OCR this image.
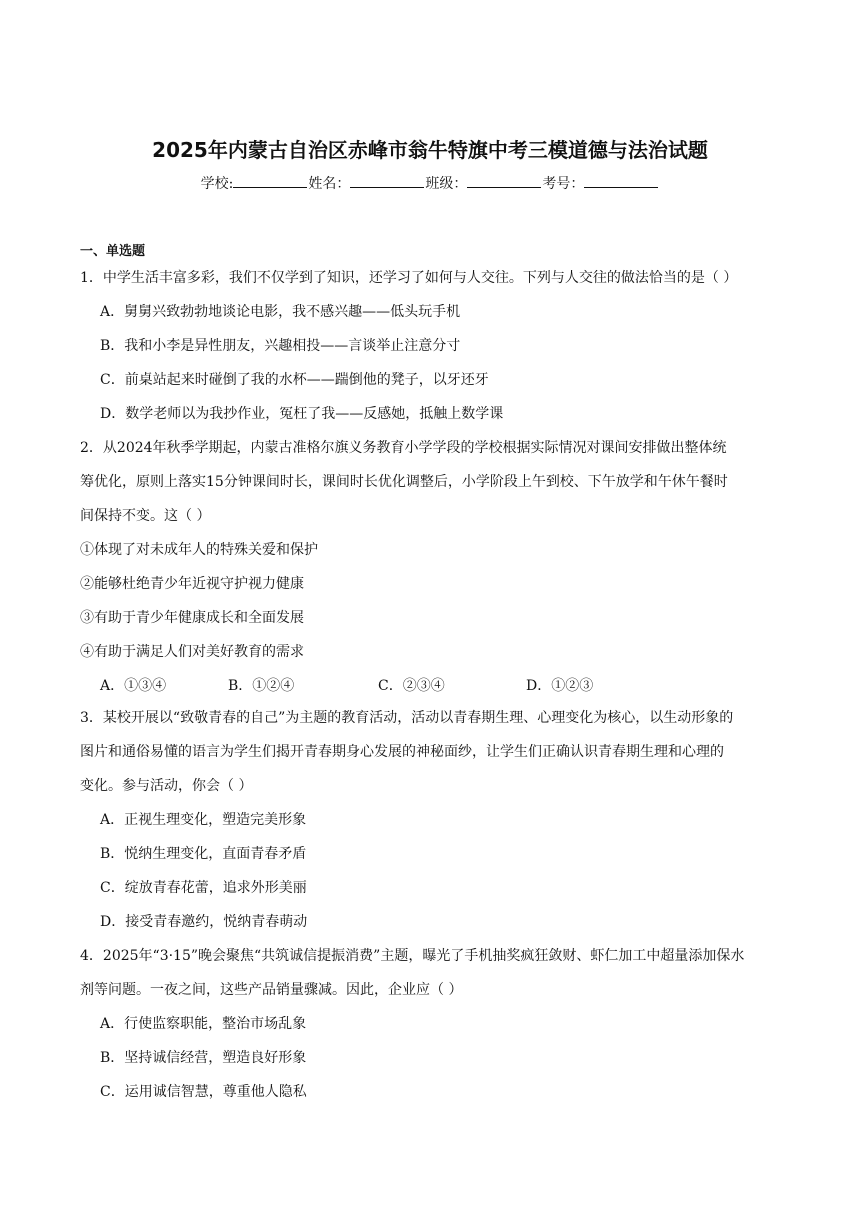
2025年内蒙古自治区赤峰市翁牛特旗中考三模道德与法治试题
学校:	姓名：	班级：	考号：
一、单选题
1．中学生活丰富多彩，我们不仅学到了知识，还学习了如何与人交往。下列与人交往的做法恰当的是（ ）
A．舅舅兴致勃勃地谈论电影，我不感兴趣——低头玩手机
B．我和小李是异性朋友，兴趣相投——言谈举止注意分寸
C．前桌站起来时碰倒了我的水杯——踹倒他的凳子，以牙还牙
D．数学老师以为我抄作业，冤枉了我——反感她，抵触上数学课
2．从2024年秋季学期起，内蒙古准格尔旗义务教育小学学段的学校根据实际情况对课间安排做出整体统
筹优化，原则上落实15分钟课间时长，课间时长优化调整后，小学阶段上午到校、下午放学和午休午餐时
间保持不变。这（ ）
①体现了对未成年人的特殊关爱和保护
②能够杜绝青少年近视守护视力健康
③有助于青少年健康成长和全面发展
④有助于满足人们对美好教育的需求
A．①③④	B．①②④	C．②③④	D．①②③
3．某校开展以“致敬青春的自己”为主题的教育活动，活动以青春期生理、心理变化为核心，以生动形象的
图片和通俗易懂的语言为学生们揭开青春期身心发展的神秘面纱，让学生们正确认识青春期生理和心理的
变化。参与活动，你会（ ）
A．正视生理变化，塑造完美形象
B．悦纳生理变化，直面青春矛盾
C．绽放青春花蕾，追求外形美丽
D．接受青春邀约，悦纳青春萌动
4．2025年“3·15”晚会聚焦“共筑诚信提振消费”主题，曝光了手机抽奖疯狂敛财、虾仁加工中超量添加保水
剂等问题。一夜之间，这些产品销量骤减。因此，企业应（ ）
A．行使监察职能，整治市场乱象
B．坚持诚信经营，塑造良好形象
C．运用诚信智慧，尊重他人隐私
